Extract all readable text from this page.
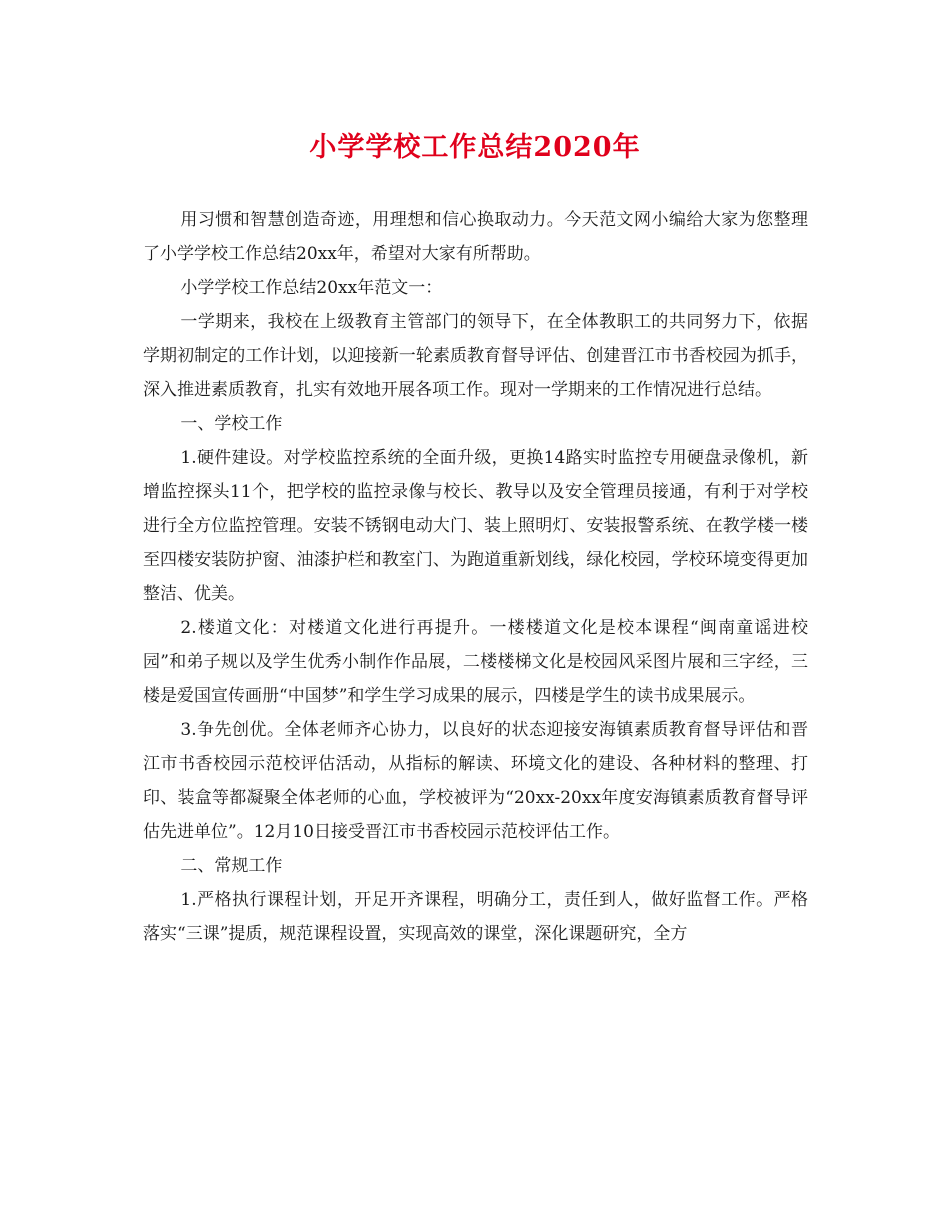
小学学校工作总结2020年

用习惯和智慧创造奇迹，用理想和信心换取动力。今天范文网小编给大家为您整理了小学学校工作总结20xx年，希望对大家有所帮助。

小学学校工作总结20xx年范文一：

一学期来，我校在上级教育主管部门的领导下，在全体教职工的共同努力下，依据学期初制定的工作计划，以迎接新一轮素质教育督导评估、创建晋江市书香校园为抓手，深入推进素质教育，扎实有效地开展各项工作。现对一学期来的工作情况进行总结。

一、学校工作

1.硬件建设。对学校监控系统的全面升级，更换14路实时监控专用硬盘录像机，新增监控探头11个，把学校的监控录像与校长、教导以及安全管理员接通，有利于对学校进行全方位监控管理。安装不锈钢电动大门、装上照明灯、安装报警系统、在教学楼一楼至四楼安装防护窗、油漆护栏和教室门、为跑道重新划线，绿化校园，学校环境变得更加整洁、优美。

2.楼道文化：对楼道文化进行再提升。一楼楼道文化是校本课程“闽南童谣进校园”和弟子规以及学生优秀小制作作品展，二楼楼梯文化是校园风采图片展和三字经，三楼是爱国宣传画册“中国梦”和学生学习成果的展示，四楼是学生的读书成果展示。

3.争先创优。全体老师齐心协力，以良好的状态迎接安海镇素质教育督导评估和晋江市书香校园示范校评估活动，从指标的解读、环境文化的建设、各种材料的整理、打印、装盒等都凝聚全体老师的心血，学校被评为“20xx-20xx年度安海镇素质教育督导评估先进单位”。12月10日接受晋江市书香校园示范校评估工作。

二、常规工作

1.严格执行课程计划，开足开齐课程，明确分工，责任到人，做好监督工作。严格落实“三课”提质，规范课程设置，实现高效的课堂，深化课题研究，全方
